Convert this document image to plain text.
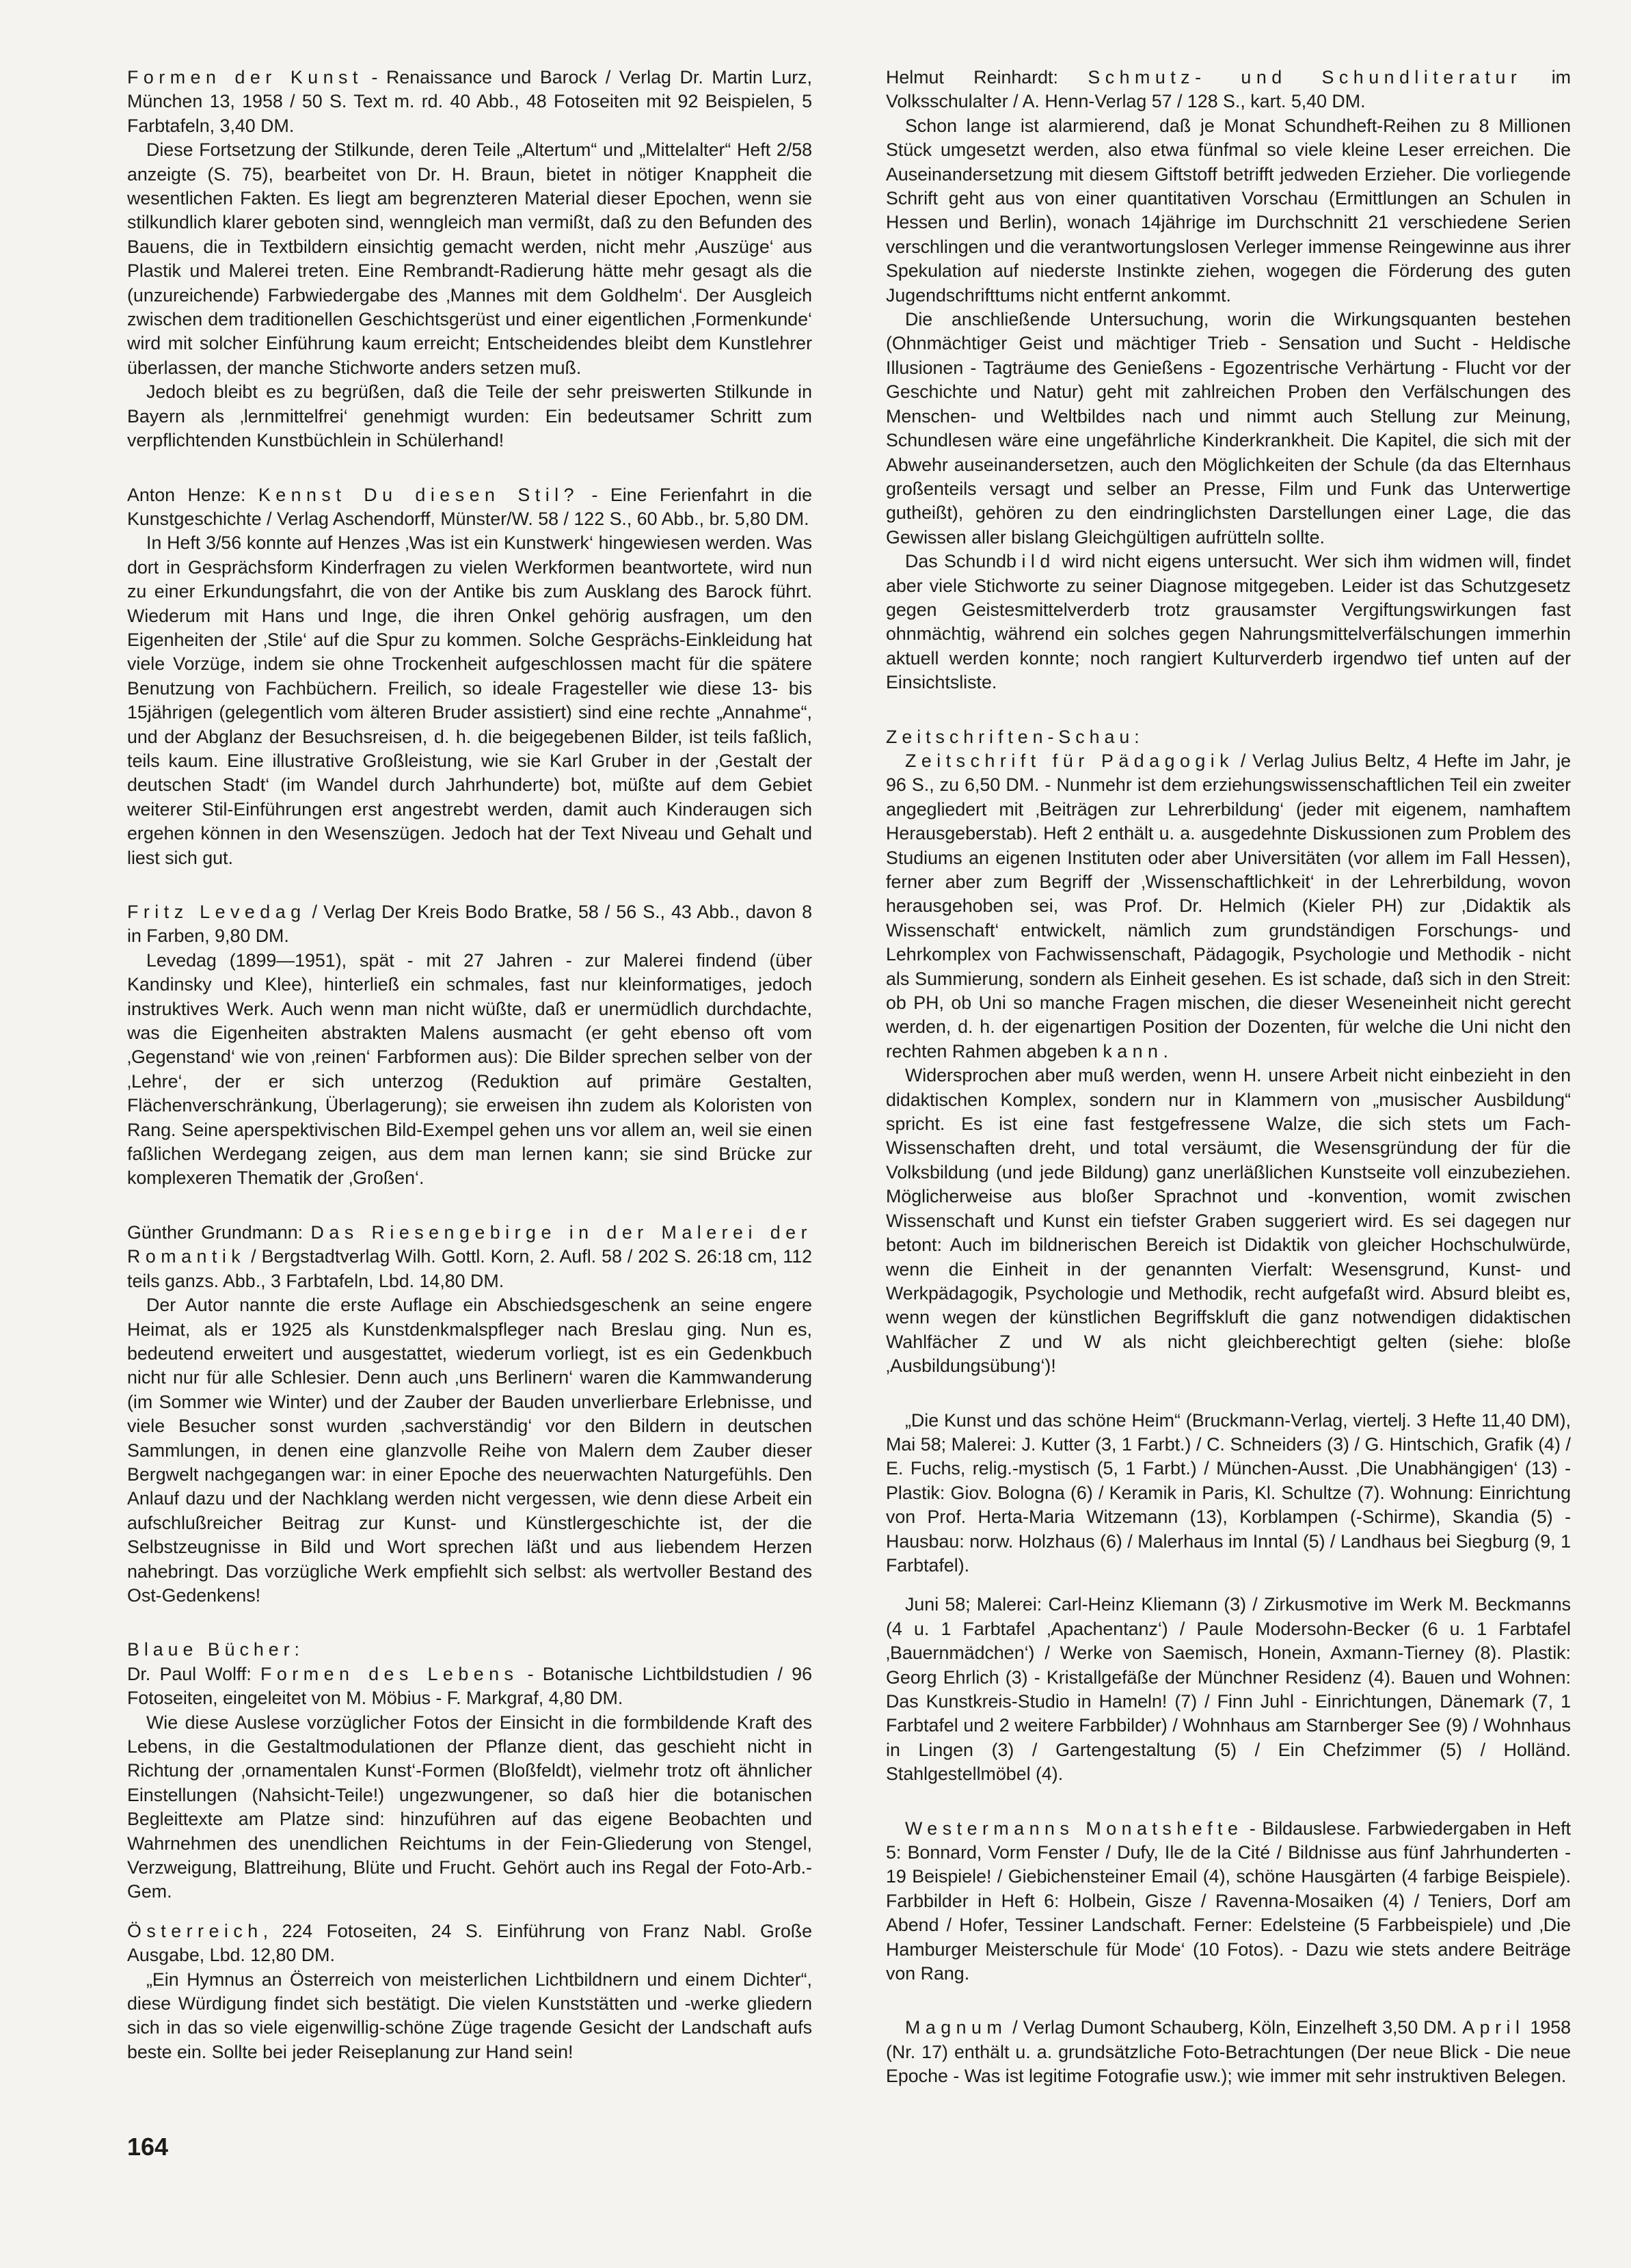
Formen der Kunst - Renaissance und Barock / Verlag Dr. Martin Lurz, München 13, 1958 / 50 S. Text m. rd. 40 Abb., 48 Fotoseiten mit 92 Beispielen, 5 Farbtafeln, 3,40 DM.

Diese Fortsetzung der Stilkunde, deren Teile „Altertum“ und „Mittelalter“ Heft 2/58 anzeigte (S. 75), bearbeitet von Dr. H. Braun, bietet in nötiger Knappheit die wesentlichen Fakten. Es liegt am begrenzteren Material dieser Epochen, wenn sie stilkundlich klarer geboten sind, wenngleich man vermißt, daß zu den Befunden des Bauens, die in Textbildern einsichtig gemacht werden, nicht mehr ‚Auszüge‘ aus Plastik und Malerei treten. Eine Rembrandt-Radierung hätte mehr gesagt als die (unzureichende) Farbwiedergabe des ‚Mannes mit dem Goldhelm‘. Der Ausgleich zwischen dem traditionellen Geschichtsgerüst und einer eigentlichen ‚Formenkunde‘ wird mit solcher Einführung kaum erreicht; Entscheidendes bleibt dem Kunstlehrer überlassen, der manche Stichworte anders setzen muß.

Jedoch bleibt es zu begrüßen, daß die Teile der sehr preiswerten Stilkunde in Bayern als ‚lernmittelfrei‘ genehmigt wurden: Ein bedeutsamer Schritt zum verpflichtenden Kunstbüchlein in Schülerhand!

Anton Henze: Kennst Du diesen Stil? - Eine Ferienfahrt in die Kunstgeschichte / Verlag Aschendorff, Münster/W. 58 / 122 S., 60 Abb., br. 5,80 DM.

In Heft 3/56 konnte auf Henzes ‚Was ist ein Kunstwerk‘ hingewiesen werden. Was dort in Gesprächsform Kinderfragen zu vielen Werkformen beantwortete, wird nun zu einer Erkundungsfahrt, die von der Antike bis zum Ausklang des Barock führt. Wiederum mit Hans und Inge, die ihren Onkel gehörig ausfragen, um den Eigenheiten der ‚Stile‘ auf die Spur zu kommen. Solche Gesprächs-Einkleidung hat viele Vorzüge, indem sie ohne Trockenheit aufgeschlossen macht für die spätere Benutzung von Fachbüchern. Freilich, so ideale Fragesteller wie diese 13- bis 15jährigen (gelegentlich vom älteren Bruder assistiert) sind eine rechte „Annahme“, und der Abglanz der Besuchsreisen, d. h. die beigegebenen Bilder, ist teils faßlich, teils kaum. Eine illustrative Großleistung, wie sie Karl Gruber in der ‚Gestalt der deutschen Stadt‘ (im Wandel durch Jahrhunderte) bot, müßte auf dem Gebiet weiterer Stil-Einführungen erst angestrebt werden, damit auch Kinderaugen sich ergehen können in den Wesenszügen. Jedoch hat der Text Niveau und Gehalt und liest sich gut.

Fritz Levedag / Verlag Der Kreis Bodo Bratke, 58 / 56 S., 43 Abb., davon 8 in Farben, 9,80 DM.

Levedag (1899—1951), spät - mit 27 Jahren - zur Malerei findend (über Kandinsky und Klee), hinterließ ein schmales, fast nur kleinformatiges, jedoch instruktives Werk. Auch wenn man nicht wüßte, daß er unermüdlich durchdachte, was die Eigenheiten abstrakten Malens ausmacht (er geht ebenso oft vom ‚Gegenstand‘ wie von ‚reinen‘ Farbformen aus): Die Bilder sprechen selber von der ‚Lehre‘, der er sich unterzog (Reduktion auf primäre Gestalten, Flächenverschränkung, Überlagerung); sie erweisen ihn zudem als Koloristen von Rang. Seine aperspektivischen Bild-Exempel gehen uns vor allem an, weil sie einen faßlichen Werdegang zeigen, aus dem man lernen kann; sie sind Brücke zur komplexeren Thematik der ‚Großen‘.

Günther Grundmann: Das Riesengebirge in der Malerei der Romantik / Bergstadtverlag Wilh. Gottl. Korn, 2. Aufl. 58 / 202 S. 26:18 cm, 112 teils ganzs. Abb., 3 Farbtafeln, Lbd. 14,80 DM.

Der Autor nannte die erste Auflage ein Abschiedsgeschenk an seine engere Heimat, als er 1925 als Kunstdenkmalspfleger nach Breslau ging. Nun es, bedeutend erweitert und ausgestattet, wiederum vorliegt, ist es ein Gedenkbuch nicht nur für alle Schlesier. Denn auch ‚uns Berlinern‘ waren die Kammwanderung (im Sommer wie Winter) und der Zauber der Bauden unverlierbare Erlebnisse, und viele Besucher sonst wurden ‚sachverständig‘ vor den Bildern in deutschen Sammlungen, in denen eine glanzvolle Reihe von Malern dem Zauber dieser Bergwelt nachgegangen war: in einer Epoche des neuerwachten Naturgefühls. Den Anlauf dazu und der Nachklang werden nicht vergessen, wie denn diese Arbeit ein aufschlußreicher Beitrag zur Kunst- und Künstlergeschichte ist, der die Selbstzeugnisse in Bild und Wort sprechen läßt und aus liebendem Herzen nahebringt. Das vorzügliche Werk empfiehlt sich selbst: als wertvoller Bestand des Ost-Gedenkens!

Blaue Bücher:

Dr. Paul Wolff: Formen des Lebens - Botanische Lichtbildstudien / 96 Fotoseiten, eingeleitet von M. Möbius - F. Markgraf, 4,80 DM.

Wie diese Auslese vorzüglicher Fotos der Einsicht in die formbildende Kraft des Lebens, in die Gestaltmodulationen der Pflanze dient, das geschieht nicht in Richtung der ‚ornamentalen Kunst‘-Formen (Bloßfeldt), vielmehr trotz oft ähnlicher Einstellungen (Nahsicht-Teile!) ungezwungener, so daß hier die botanischen Begleittexte am Platze sind: hinzuführen auf das eigene Beobachten und Wahrnehmen des unendlichen Reichtums in der Fein-Gliederung von Stengel, Verzweigung, Blattreihung, Blüte und Frucht. Gehört auch ins Regal der Foto-Arb.-Gem.

Österreich, 224 Fotoseiten, 24 S. Einführung von Franz Nabl. Große Ausgabe, Lbd. 12,80 DM.

„Ein Hymnus an Österreich von meisterlichen Lichtbildnern und einem Dichter“, diese Würdigung findet sich bestätigt. Die vielen Kunststätten und -werke gliedern sich in das so viele eigenwillig-schöne Züge tragende Gesicht der Landschaft aufs beste ein. Sollte bei jeder Reiseplanung zur Hand sein!

Helmut Reinhardt: Schmutz- und Schundliteratur im Volksschulalter / A. Henn-Verlag 57 / 128 S., kart. 5,40 DM.

Schon lange ist alarmierend, daß je Monat Schundheft-Reihen zu 8 Millionen Stück umgesetzt werden, also etwa fünfmal so viele kleine Leser erreichen. Die Auseinandersetzung mit diesem Giftstoff betrifft jedweden Erzieher. Die vorliegende Schrift geht aus von einer quantitativen Vorschau (Ermittlungen an Schulen in Hessen und Berlin), wonach 14jährige im Durchschnitt 21 verschiedene Serien verschlingen und die verantwortungslosen Verleger immense Reingewinne aus ihrer Spekulation auf niederste Instinkte ziehen, wogegen die Förderung des guten Jugendschrifttums nicht entfernt ankommt.

Die anschließende Untersuchung, worin die Wirkungsquanten bestehen (Ohnmächtiger Geist und mächtiger Trieb - Sensation und Sucht - Heldische Illusionen - Tagträume des Genießens - Egozentrische Verhärtung - Flucht vor der Geschichte und Natur) geht mit zahlreichen Proben den Verfälschungen des Menschen- und Weltbildes nach und nimmt auch Stellung zur Meinung, Schundlesen wäre eine ungefährliche Kinderkrankheit. Die Kapitel, die sich mit der Abwehr auseinandersetzen, auch den Möglichkeiten der Schule (da das Elternhaus großenteils versagt und selber an Presse, Film und Funk das Unterwertige gutheißt), gehören zu den eindringlichsten Darstellungen einer Lage, die das Gewissen aller bislang Gleichgültigen aufrütteln sollte.

Das Schundbild wird nicht eigens untersucht. Wer sich ihm widmen will, findet aber viele Stichworte zu seiner Diagnose mitgegeben. Leider ist das Schutzgesetz gegen Geistesmittelverderb trotz grausamster Vergiftungswirkungen fast ohnmächtig, während ein solches gegen Nahrungsmittelverfälschungen immerhin aktuell werden konnte; noch rangiert Kulturverderb irgendwo tief unten auf der Einsichtsliste.

Zeitschriften-Schau:

Zeitschrift für Pädagogik / Verlag Julius Beltz, 4 Hefte im Jahr, je 96 S., zu 6,50 DM. - Nunmehr ist dem erziehungswissenschaftlichen Teil ein zweiter angegliedert mit ‚Beiträgen zur Lehrerbildung‘ (jeder mit eigenem, namhaftem Herausgeberstab). Heft 2 enthält u. a. ausgedehnte Diskussionen zum Problem des Studiums an eigenen Instituten oder aber Universitäten (vor allem im Fall Hessen), ferner aber zum Begriff der ‚Wissenschaftlichkeit‘ in der Lehrerbildung, wovon herausgehoben sei, was Prof. Dr. Helmich (Kieler PH) zur ‚Didaktik als Wissenschaft‘ entwickelt, nämlich zum grundständigen Forschungs- und Lehrkomplex von Fachwissenschaft, Pädagogik, Psychologie und Methodik - nicht als Summierung, sondern als Einheit gesehen. Es ist schade, daß sich in den Streit: ob PH, ob Uni so manche Fragen mischen, die dieser Weseneinheit nicht gerecht werden, d. h. der eigenartigen Position der Dozenten, für welche die Uni nicht den rechten Rahmen abgeben kann.

Widersprochen aber muß werden, wenn H. unsere Arbeit nicht einbezieht in den didaktischen Komplex, sondern nur in Klammern von „musischer Ausbildung“ spricht. Es ist eine fast festgefressene Walze, die sich stets um Fach-Wissenschaften dreht, und total versäumt, die Wesensgründung der für die Volksbildung (und jede Bildung) ganz unerläßlichen Kunstseite voll einzubeziehen. Möglicherweise aus bloßer Sprachnot und -konvention, womit zwischen Wissenschaft und Kunst ein tiefster Graben suggeriert wird. Es sei dagegen nur betont: Auch im bildnerischen Bereich ist Didaktik von gleicher Hochschulwürde, wenn die Einheit in der genannten Vierfalt: Wesensgrund, Kunst- und Werkpädagogik, Psychologie und Methodik, recht aufgefaßt wird. Absurd bleibt es, wenn wegen der künstlichen Begriffskluft die ganz notwendigen didaktischen Wahlfächer Z und W als nicht gleichberechtigt gelten (siehe: bloße ‚Ausbildungsübung‘)!

„Die Kunst und das schöne Heim“ (Bruckmann-Verlag, viertelj. 3 Hefte 11,40 DM), Mai 58; Malerei: J. Kutter (3, 1 Farbt.) / C. Schneiders (3) / G. Hintschich, Grafik (4) / E. Fuchs, relig.-mystisch (5, 1 Farbt.) / München-Ausst. ‚Die Unabhängigen‘ (13) - Plastik: Giov. Bologna (6) / Keramik in Paris, Kl. Schultze (7). Wohnung: Einrichtung von Prof. Herta-Maria Witzemann (13), Korblampen (-Schirme), Skandia (5) - Hausbau: norw. Holzhaus (6) / Malerhaus im Inntal (5) / Landhaus bei Siegburg (9, 1 Farbtafel).

Juni 58; Malerei: Carl-Heinz Kliemann (3) / Zirkusmotive im Werk M. Beckmanns (4 u. 1 Farbtafel ‚Apachentanz‘) / Paule Modersohn-Becker (6 u. 1 Farbtafel ‚Bauernmädchen‘) / Werke von Saemisch, Honein, Axmann-Tierney (8). Plastik: Georg Ehrlich (3) - Kristallgefäße der Münchner Residenz (4). Bauen und Wohnen: Das Kunstkreis-Studio in Hameln! (7) / Finn Juhl - Einrichtungen, Dänemark (7, 1 Farbtafel und 2 weitere Farbbilder) / Wohnhaus am Starnberger See (9) / Wohnhaus in Lingen (3) / Gartengestaltung (5) / Ein Chefzimmer (5) / Holländ. Stahlgestellmöbel (4).

Westermanns Monatshefte - Bildauslese. Farbwiedergaben in Heft 5: Bonnard, Vorm Fenster / Dufy, Ile de la Cité / Bildnisse aus fünf Jahrhunderten - 19 Beispiele! / Giebichensteiner Email (4), schöne Hausgärten (4 farbige Beispiele). Farbbilder in Heft 6: Holbein, Gisze / Ravenna-Mosaiken (4) / Teniers, Dorf am Abend / Hofer, Tessiner Landschaft. Ferner: Edelsteine (5 Farbbeispiele) und ‚Die Hamburger Meisterschule für Mode‘ (10 Fotos). - Dazu wie stets andere Beiträge von Rang.

Magnum / Verlag Dumont Schauberg, Köln, Einzelheft 3,50 DM. April 1958 (Nr. 17) enthält u. a. grundsätzliche Foto-Betrachtungen (Der neue Blick - Die neue Epoche - Was ist legitime Fotografie usw.); wie immer mit sehr instruktiven Belegen.

164
